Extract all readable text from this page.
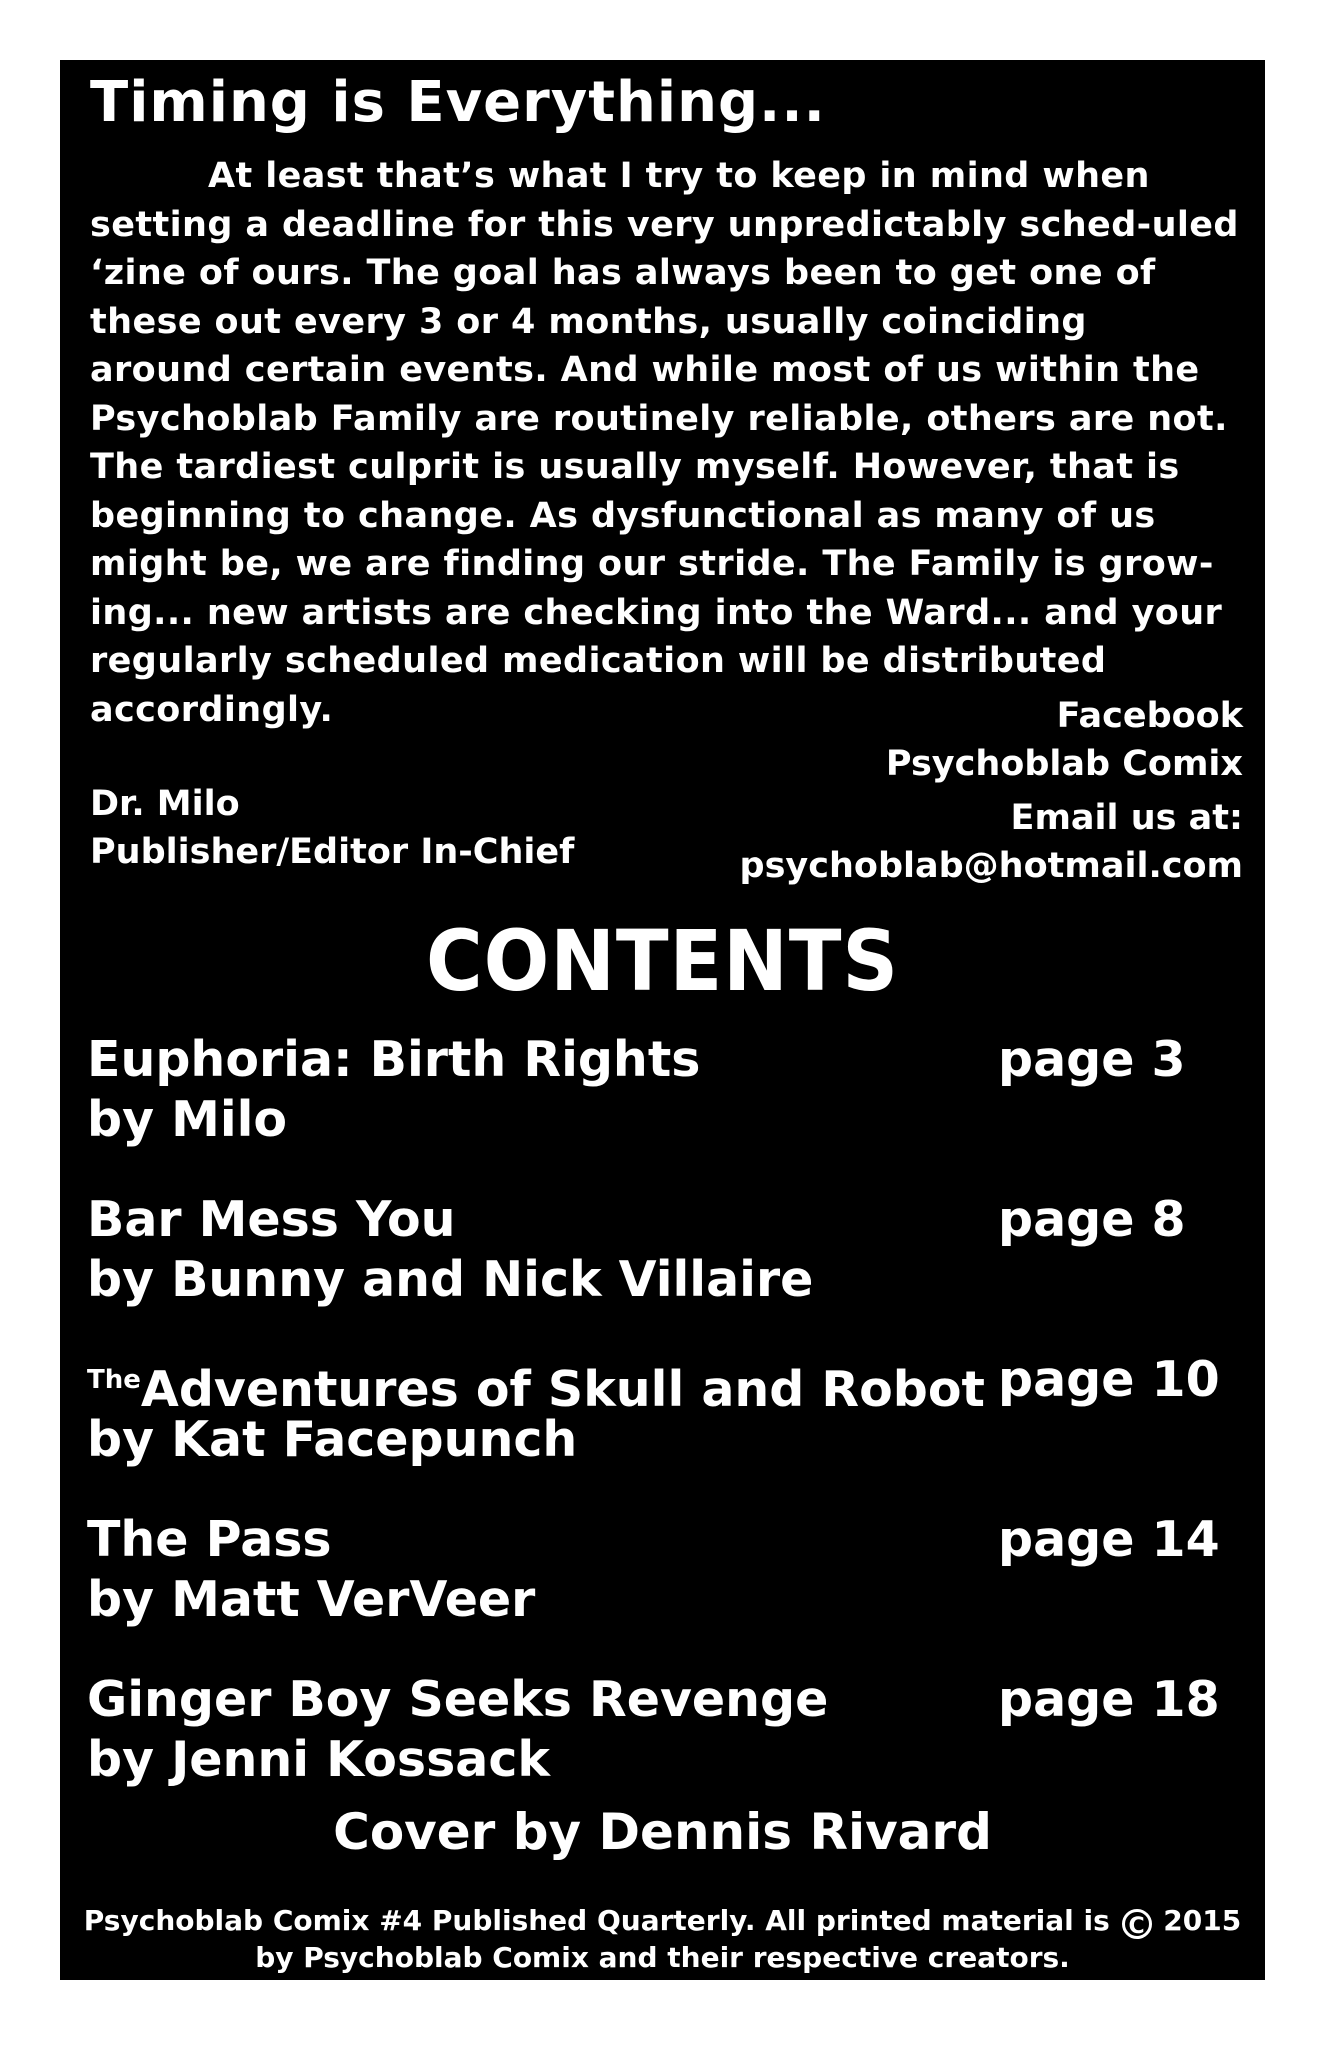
Timing is Everything...

At least that’s what I try to keep in mind when setting a deadline for this very unpredictably sched-uled ‘zine of ours. The goal has always been to get one of these out every 3 or 4 months, usually coinciding around certain events. And while most of us within the Psychoblab Family are routinely reliable, others are not. The tardiest culprit is usually myself. However, that is beginning to change. As dysfunctional as many of us might be, we are finding our stride. The Family is grow-ing... new artists are checking into the Ward... and your regularly scheduled medication will be distributed accordingly.

Dr. Milo
Publisher/Editor In-Chief
Facebook
Psychoblab Comix
Email us at:
psychoblab@hotmail.com
CONTENTS
Euphoria: Birth Rights
by Milo
page 3
Bar Mess You
by Bunny and Nick Villaire
page 8
$^{The}$Adventures of Skull and Robot
by Kat Facepunch
page 10
The Pass
by Matt VerVeer
page 14
Ginger Boy Seeks Revenge
by Jenni Kossack
page 18
Cover by Dennis Rivard
Psychoblab Comix #4 Published Quarterly. All printed material is C 2015
by Psychoblab Comix and their respective creators.
